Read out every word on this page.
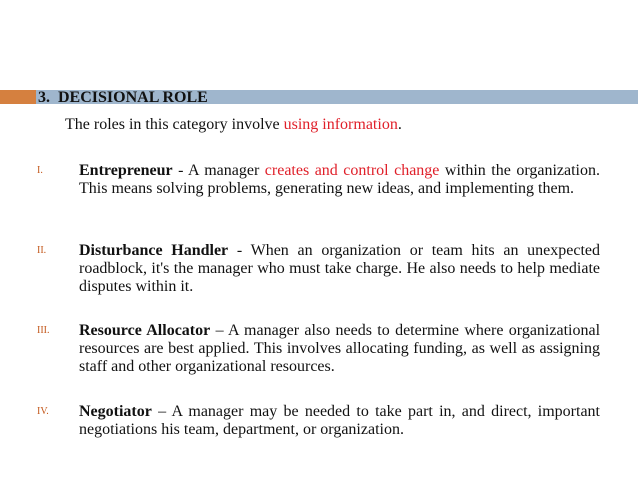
3. DECISIONAL ROLE
The roles in this category involve using information.
I. Entrepreneur - A manager creates and control change within the organization. This means solving problems, generating new ideas, and implementing them.
II. Disturbance Handler - When an organization or team hits an unexpected roadblock, it's the manager who must take charge. He also needs to help mediate disputes within it.
III. Resource Allocator – A manager also needs to determine where organizational resources are best applied. This involves allocating funding, as well as assigning staff and other organizational resources.
IV. Negotiator – A manager may be needed to take part in, and direct, important negotiations his team, department, or organization.
